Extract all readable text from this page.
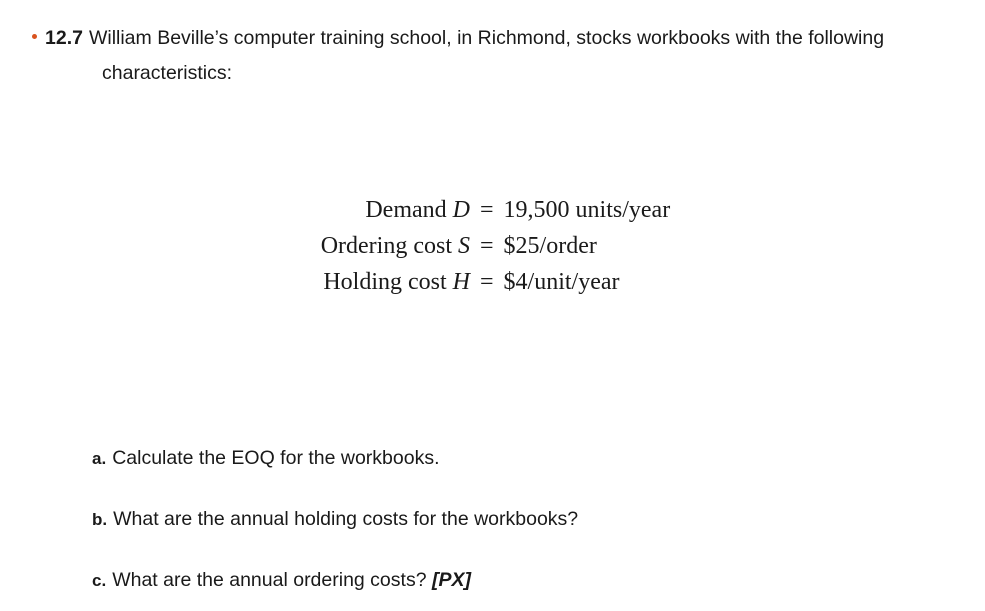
12.7 William Beville’s computer training school, in Richmond, stocks workbooks with the following
characteristics:
Demand D = 19,500 units/year
Ordering cost S = $25/order
Holding cost H = $4/unit/year
a. Calculate the EOQ for the workbooks.
b. What are the annual holding costs for the workbooks?
c. What are the annual ordering costs? [PX]
